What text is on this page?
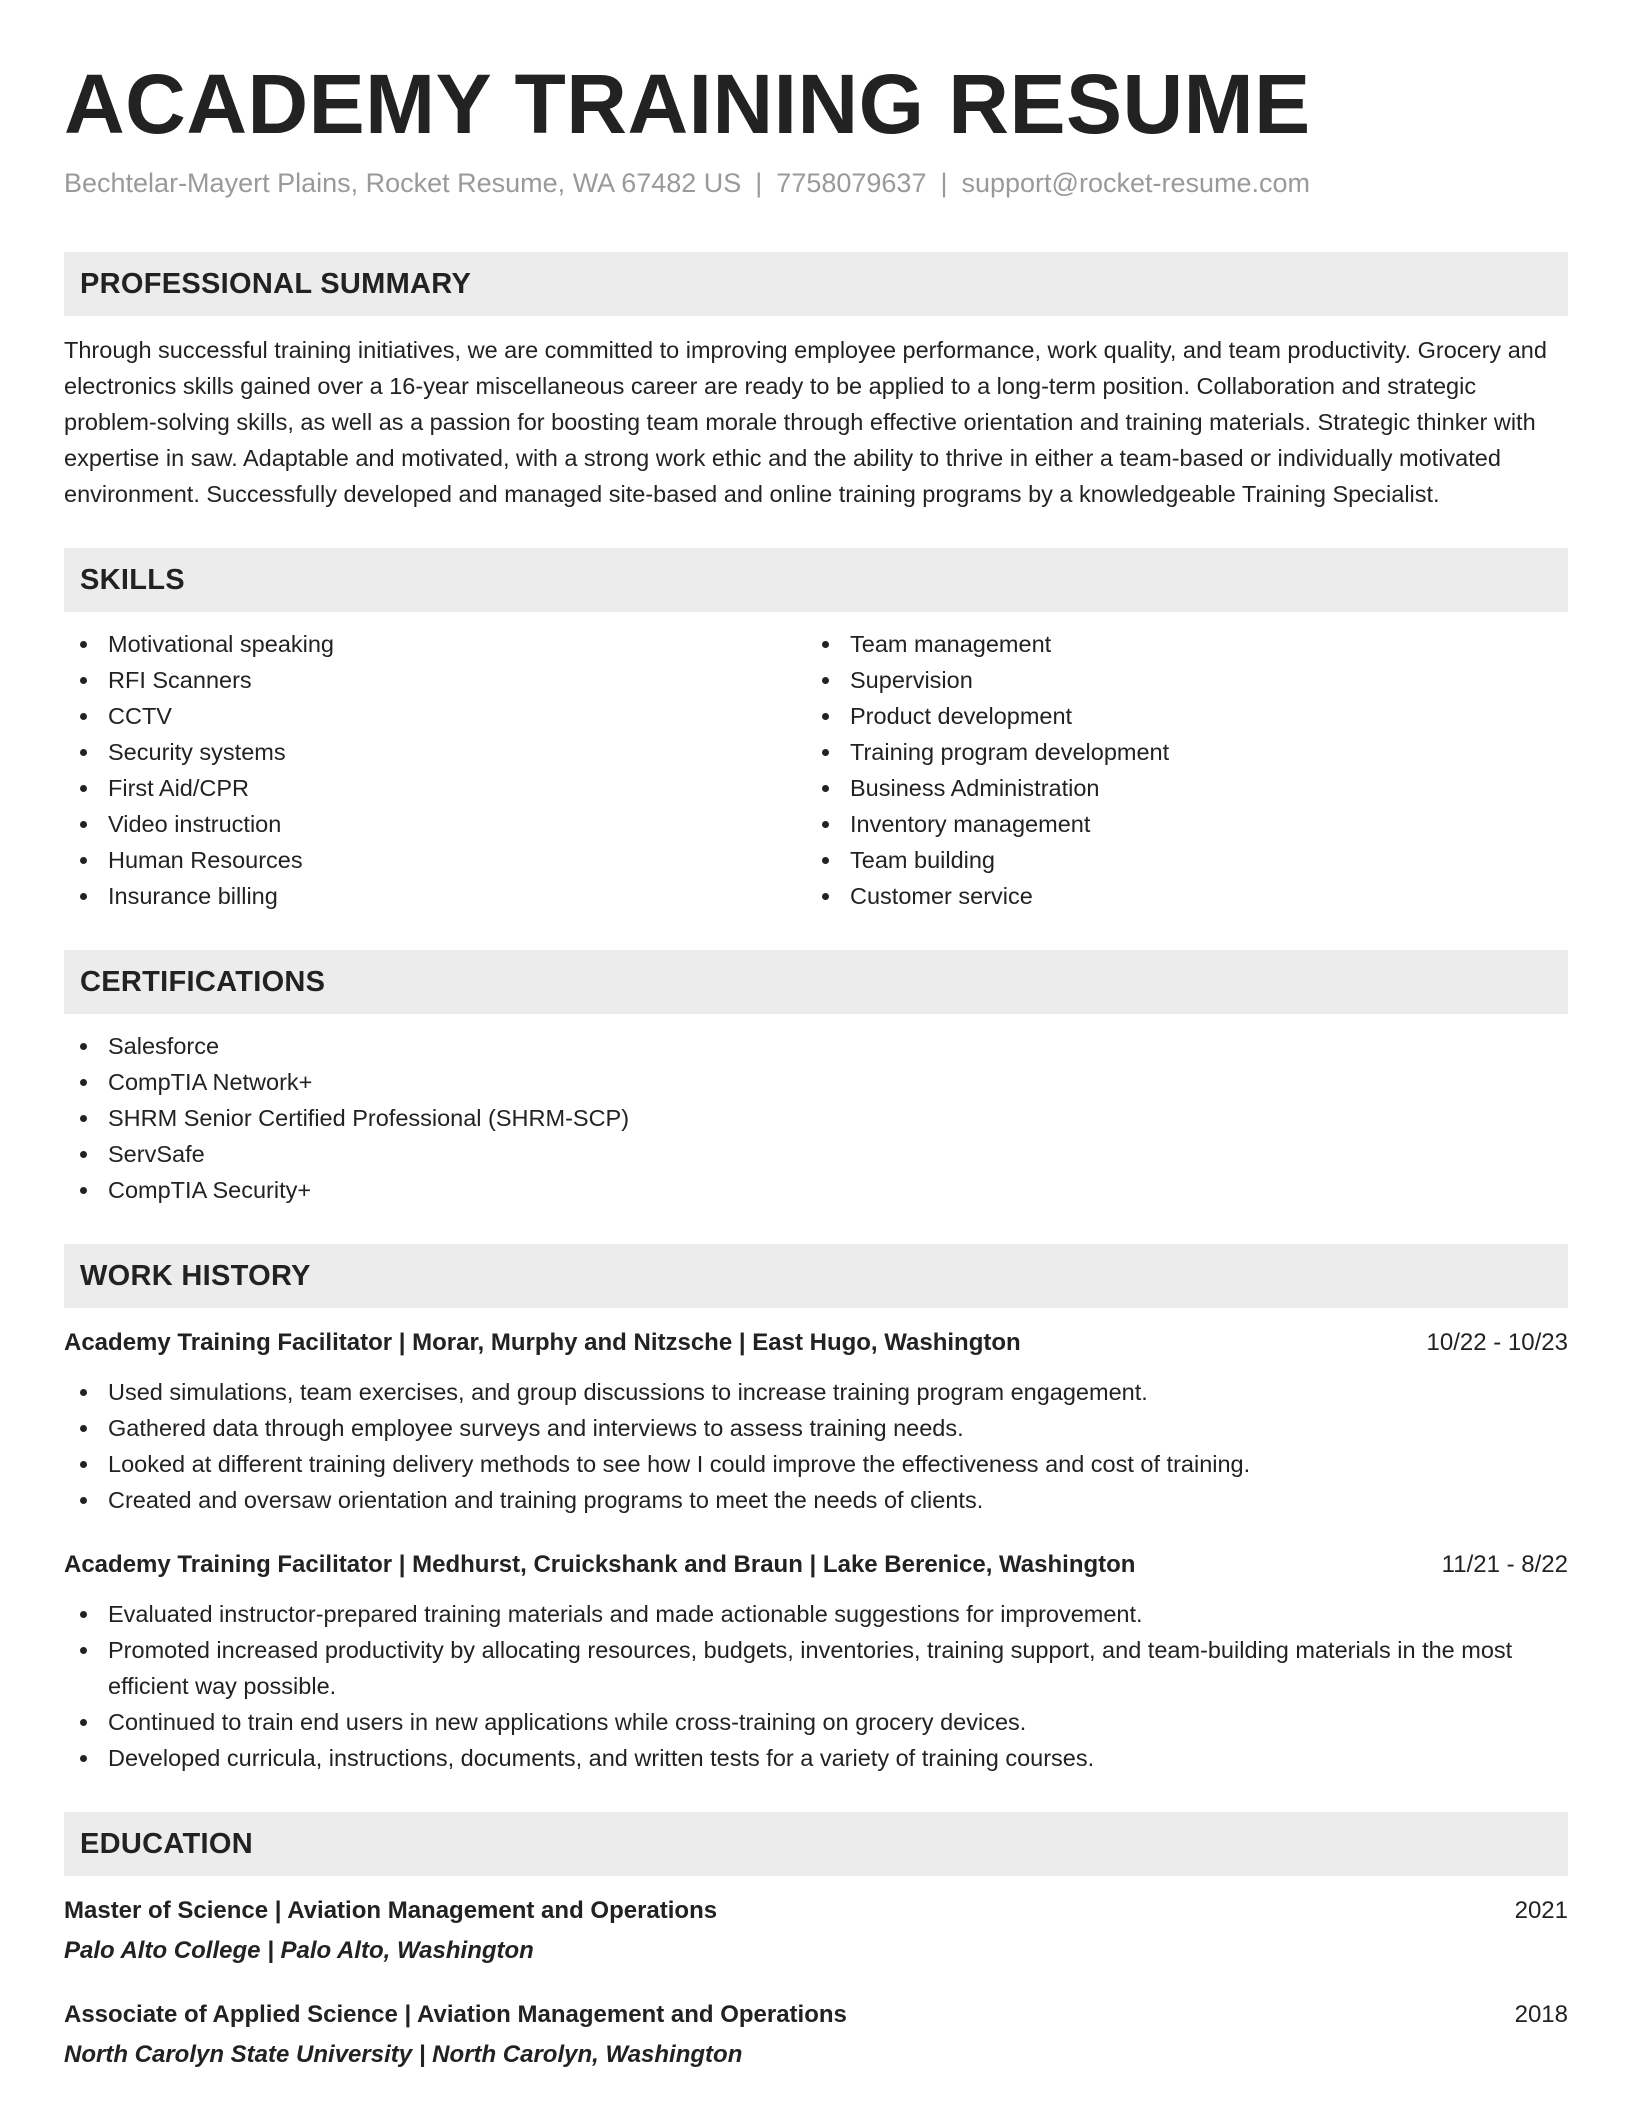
ACADEMY TRAINING RESUME
Bechtelar-Mayert Plains, Rocket Resume, WA 67482 US | 7758079637 | support@rocket-resume.com
PROFESSIONAL SUMMARY

Through successful training initiatives, we are committed to improving employee performance, work quality, and team productivity. Grocery and electronics skills gained over a 16-year miscellaneous career are ready to be applied to a long-term position. Collaboration and strategic problem-solving skills, as well as a passion for boosting team morale through effective orientation and training materials. Strategic thinker with expertise in saw. Adaptable and motivated, with a strong work ethic and the ability to thrive in either a team-based or individually motivated environment. Successfully developed and managed site-based and online training programs by a knowledgeable Training Specialist.

SKILLS
Motivational speaking
RFI Scanners
CCTV
Security systems
First Aid/CPR
Video instruction
Human Resources
Insurance billing
Team management
Supervision
Product development
Training program development
Business Administration
Inventory management
Team building
Customer service
CERTIFICATIONS
Salesforce
CompTIA Network+
SHRM Senior Certified Professional (SHRM-SCP)
ServSafe
CompTIA Security+
WORK HISTORY
Academy Training Facilitator | Morar, Murphy and Nitzsche | East Hugo, Washington	10/22 - 10/23
Used simulations, team exercises, and group discussions to increase training program engagement.
Gathered data through employee surveys and interviews to assess training needs.
Looked at different training delivery methods to see how I could improve the effectiveness and cost of training.
Created and oversaw orientation and training programs to meet the needs of clients.
Academy Training Facilitator | Medhurst, Cruickshank and Braun | Lake Berenice, Washington	11/21 - 8/22
Evaluated instructor-prepared training materials and made actionable suggestions for improvement.
Promoted increased productivity by allocating resources, budgets, inventories, training support, and team-building materials in the most efficient way possible.
Continued to train end users in new applications while cross-training on grocery devices.
Developed curricula, instructions, documents, and written tests for a variety of training courses.
EDUCATION
Master of Science | Aviation Management and Operations	2021
Palo Alto College | Palo Alto, Washington
Associate of Applied Science | Aviation Management and Operations	2018
North Carolyn State University | North Carolyn, Washington
